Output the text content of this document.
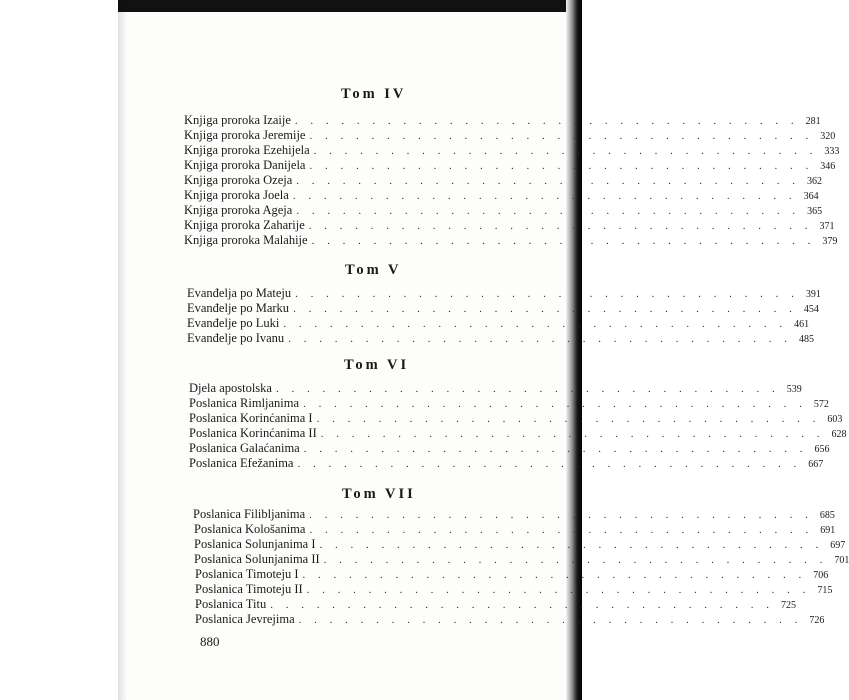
Tom IV
Knjiga proroka Izaije . . . . . . . . . . . . . . . . . . . . . . . . . . . . . . . . . 281
Knjiga proroka Jeremije . . . . . . . . . . . . . . . . . . . . . . . . . . . . . . . . . 320
Knjiga proroka Ezehijela . . . . . . . . . . . . . . . . . . . . . . . . . . . . . . . . . 333
Knjiga proroka Danijela . . . . . . . . . . . . . . . . . . . . . . . . . . . . . . . . . 346
Knjiga proroka Ozeja . . . . . . . . . . . . . . . . . . . . . . . . . . . . . . . . . 362
Knjiga proroka Joela . . . . . . . . . . . . . . . . . . . . . . . . . . . . . . . . . 364
Knjiga proroka Ageja . . . . . . . . . . . . . . . . . . . . . . . . . . . . . . . . . 365
Knjiga proroka Zaharije . . . . . . . . . . . . . . . . . . . . . . . . . . . . . . . . . 371
Knjiga proroka Malahije . . . . . . . . . . . . . . . . . . . . . . . . . . . . . . . . . 379
Tom V
Evanđelja po Mateju . . . . . . . . . . . . . . . . . . . . . . . . . . . . . . . . . 391
Evanđelje po Marku . . . . . . . . . . . . . . . . . . . . . . . . . . . . . . . . . 454
Evanđelje po Luki . . . . . . . . . . . . . . . . . . . . . . . . . . . . . . . . . 461
Evanđelje po Ivanu . . . . . . . . . . . . . . . . . . . . . . . . . . . . . . . . . 485
Tom VI
Djela apostolska . . . . . . . . . . . . . . . . . . . . . . . . . . . . . . . . . 539
Poslanica Rimljanima . . . . . . . . . . . . . . . . . . . . . . . . . . . . . . . . . 572
Poslanica Korinćanima I . . . . . . . . . . . . . . . . . . . . . . . . . . . . . . . . . 603
Poslanica Korinćanima II . . . . . . . . . . . . . . . . . . . . . . . . . . . . . . . . . 628
Poslanica Galaćanima . . . . . . . . . . . . . . . . . . . . . . . . . . . . . . . . . 656
Poslanica Efežanima . . . . . . . . . . . . . . . . . . . . . . . . . . . . . . . . . 667
Tom VII
Poslanica Filibljanima . . . . . . . . . . . . . . . . . . . . . . . . . . . . . . . . . 685
Poslanica Kološanima . . . . . . . . . . . . . . . . . . . . . . . . . . . . . . . . . 691
Poslanica Solunjanima I . . . . . . . . . . . . . . . . . . . . . . . . . . . . . . . . . 697
Poslanica Solunjanima II . . . . . . . . . . . . . . . . . . . . . . . . . . . . . . . . . 701
Poslanica Timoteju I . . . . . . . . . . . . . . . . . . . . . . . . . . . . . . . . . 706
Poslanica Timoteju II . . . . . . . . . . . . . . . . . . . . . . . . . . . . . . . . . 715
Poslanica Titu . . . . . . . . . . . . . . . . . . . . . . . . . . . . . . . . . 725
Poslanica Jevrejima . . . . . . . . . . . . . . . . . . . . . . . . . . . . . . . . . 726
880
